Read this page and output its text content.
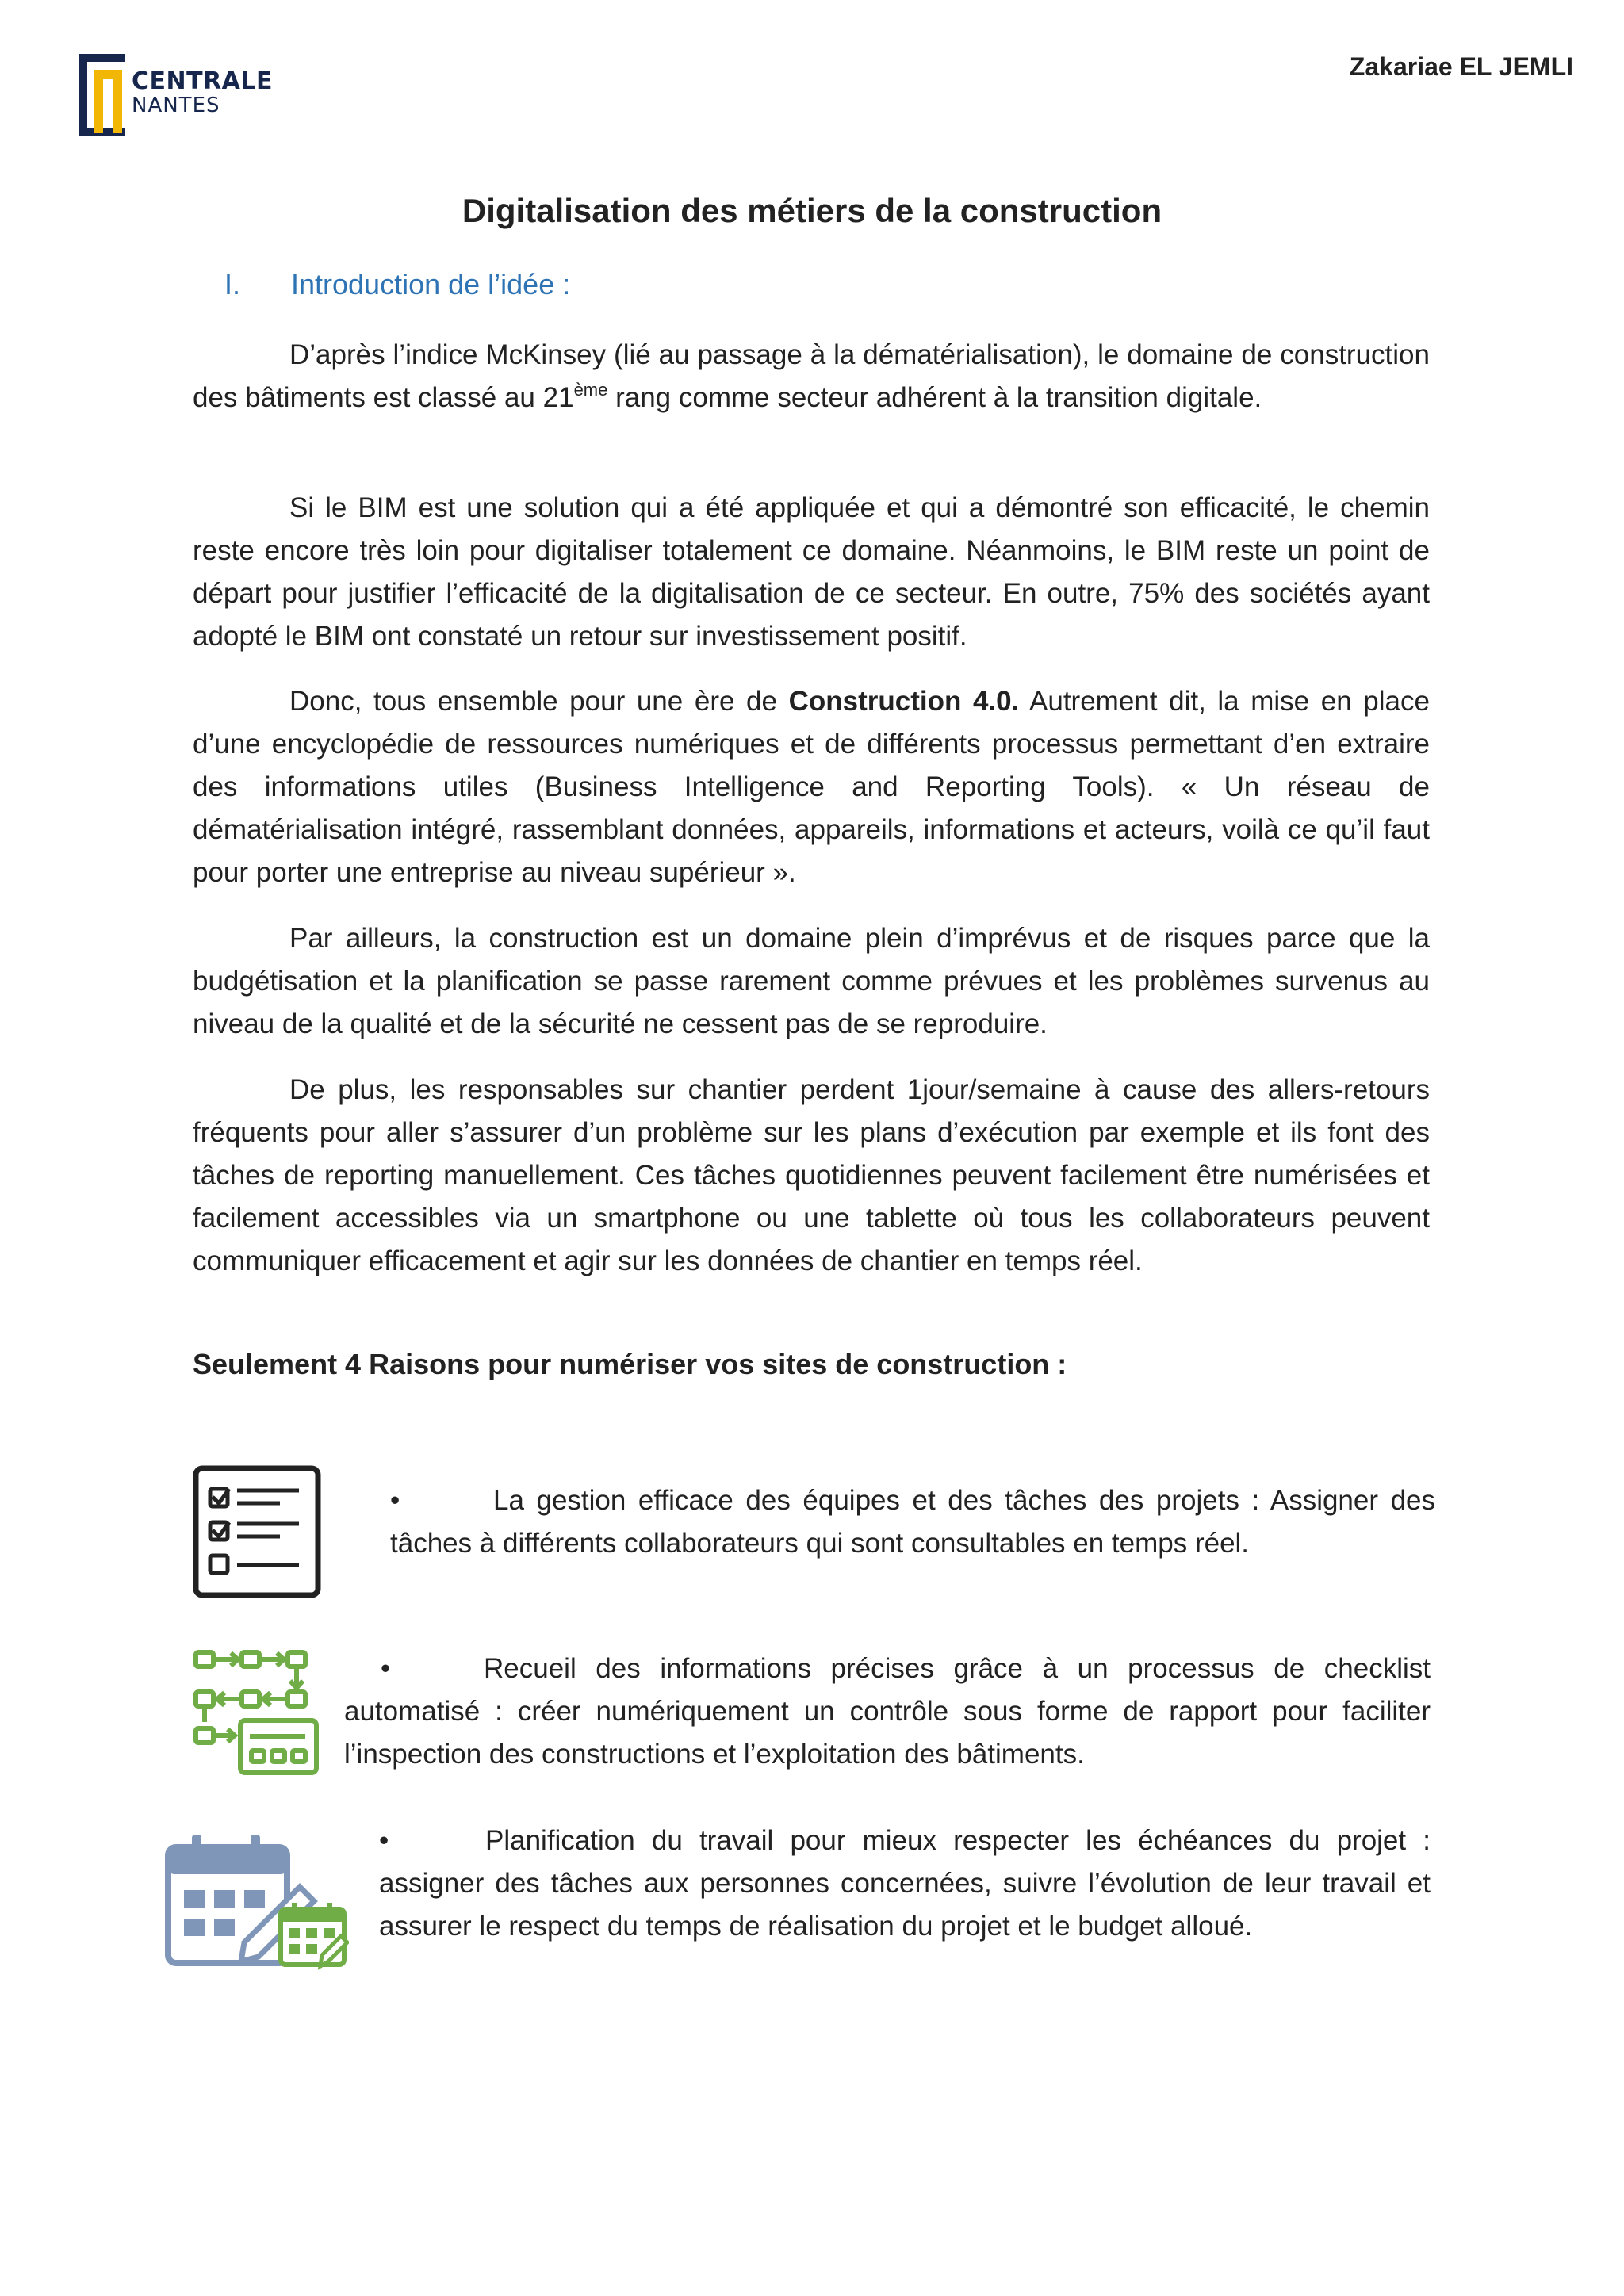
CENTRALE
NANTES
Zakariae EL JEMLI
Digitalisation des métiers de la construction
I. Introduction de l’idée :
D’après l’indice McKinsey (lié au passage à la dématérialisation), le domaine de construction des bâtiments est classé au 21ème rang comme secteur adhérent à la transition digitale.
Si le BIM est une solution qui a été appliquée et qui a démontré son efficacité, le chemin reste encore très loin pour digitaliser totalement ce domaine. Néanmoins, le BIM reste un point de départ pour justifier l’efficacité de la digitalisation de ce secteur. En outre, 75% des sociétés ayant adopté le BIM ont constaté un retour sur investissement positif.
Donc, tous ensemble pour une ère de Construction 4.0. Autrement dit, la mise en place d’une encyclopédie de ressources numériques et de différents processus permettant d’en extraire des informations utiles (Business Intelligence and Reporting Tools). « Un réseau de dématérialisation intégré, rassemblant données, appareils, informations et acteurs, voilà ce qu’il faut pour porter une entreprise au niveau supérieur ».
Par ailleurs, la construction est un domaine plein d’imprévus et de risques parce que la budgétisation et la planification se passe rarement comme prévues et les problèmes survenus au niveau de la qualité et de la sécurité ne cessent pas de se reproduire.
De plus, les responsables sur chantier perdent 1jour/semaine à cause des allers-retours fréquents pour aller s’assurer d’un problème sur les plans d’exécution par exemple et ils font des tâches de reporting manuellement. Ces tâches quotidiennes peuvent facilement être numérisées et facilement accessibles via un smartphone ou une tablette où tous les collaborateurs peuvent communiquer efficacement et agir sur les données de chantier en temps réel.
Seulement 4 Raisons pour numériser vos sites de construction :
•	La gestion efficace des équipes et des tâches des projets : Assigner des tâches à différents collaborateurs qui sont consultables en temps réel.
•	Recueil des informations précises grâce à un processus de checklist automatisé : créer numériquement un contrôle sous forme de rapport pour faciliter l’inspection des constructions et l’exploitation des bâtiments.
•	Planification du travail pour mieux respecter les échéances du projet : assigner des tâches aux personnes concernées, suivre l’évolution de leur travail et assurer le respect du temps de réalisation du projet et le budget alloué.
